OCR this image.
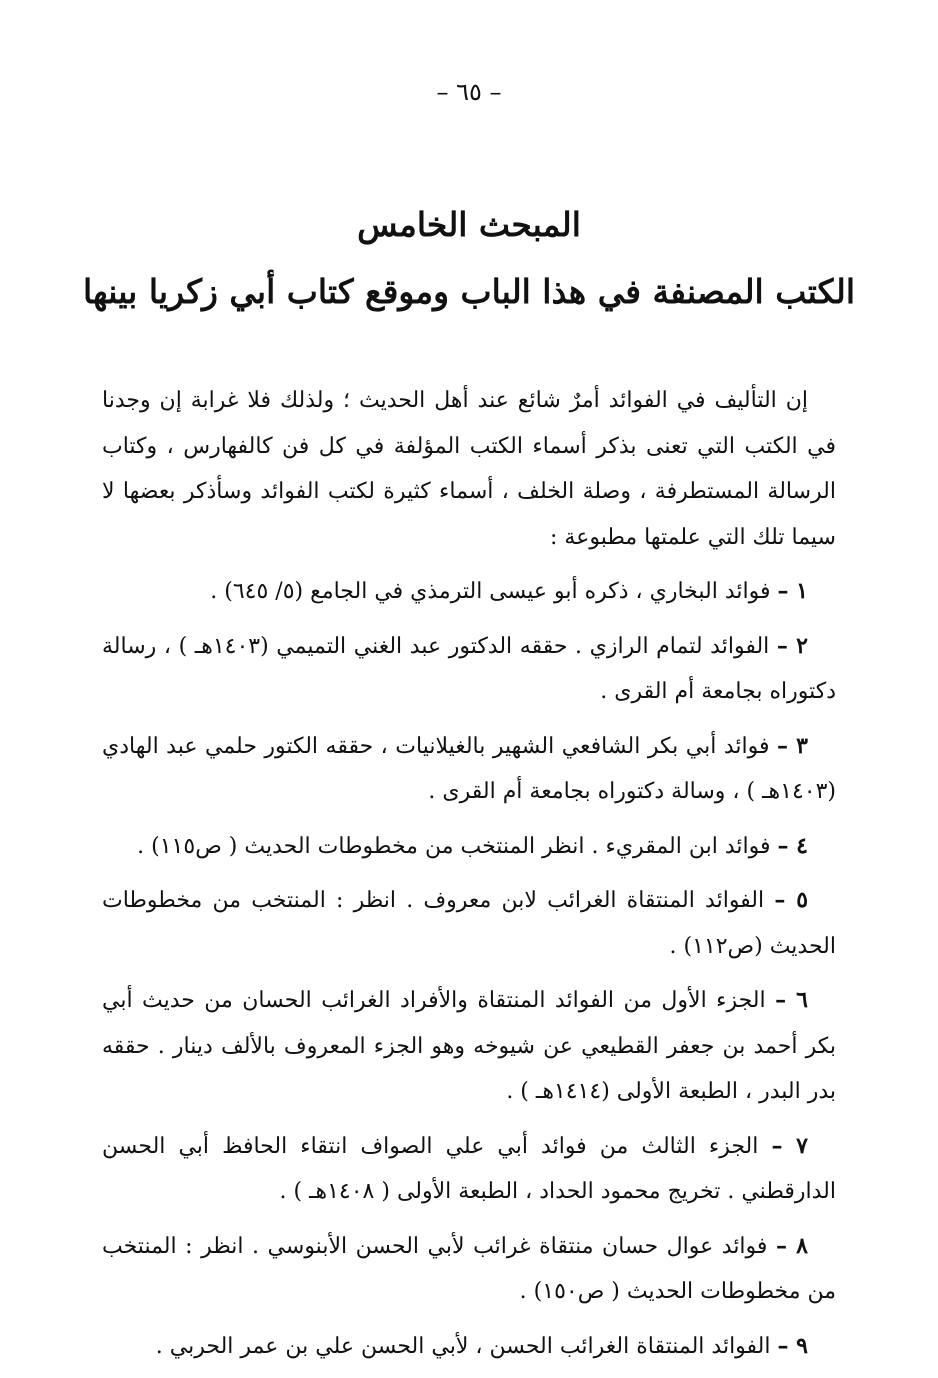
– ٦٥ –
المبحث الخامس
الكتب المصنفة في هذا الباب وموقع كتاب أبي زكريا بينها

إن التأليف في الفوائد أمرٌ شائع عند أهل الحديث ؛ ولذلك فلا غرابة إن وجدنا في الكتب التي تعنى بذكر أسماء الكتب المؤلفة في كل فن كالفهارس ، وكتاب الرسالة المستطرفة ، وصلة الخلف ، أسماء كثيرة لكتب الفوائد وسأذكر بعضها لا سيما تلك التي علمتها مطبوعة :

١ – فوائد البخاري ، ذكره أبو عيسى الترمذي في الجامع (٥/ ٦٤٥) .

٢ – الفوائد لتمام الرازي . حققه الدكتور عبد الغني التميمي (١٤٠٣هـ ) ، رسالة دكتوراه بجامعة أم القرى .

٣ – فوائد أبي بكر الشافعي الشهير بالغيلانيات ، حققه الكتور حلمي عبد الهادي (١٤٠٣هـ ) ، وسالة دكتوراه بجامعة أم القرى .

٤ – فوائد ابن المقريء . انظر المنتخب من مخطوطات الحديث ( ص١١٥) .

٥ – الفوائد المنتقاة الغرائب لابن معروف . انظر : المنتخب من مخطوطات الحديث (ص١١٢) .

٦ – الجزء الأول من الفوائد المنتقاة والأفراد الغرائب الحسان من حديث أبي بكر أحمد بن جعفر القطيعي عن شيوخه وهو الجزء المعروف بالألف دينار . حققه بدر البدر ، الطبعة الأولى (١٤١٤هـ ) .

٧ – الجزء الثالث من فوائد أبي علي الصواف انتقاء الحافظ أبي الحسن الدارقطني . تخريج محمود الحداد ، الطبعة الأولى ( ١٤٠٨هـ ) .

٨ – فوائد عوال حسان منتقاة غرائب لأبي الحسن الأبنوسي . انظر : المنتخب من مخطوطات الحديث ( ص١٥٠) .

٩ – الفوائد المنتقاة الغرائب الحسن ، لأبي الحسن علي بن عمر الحربي .
